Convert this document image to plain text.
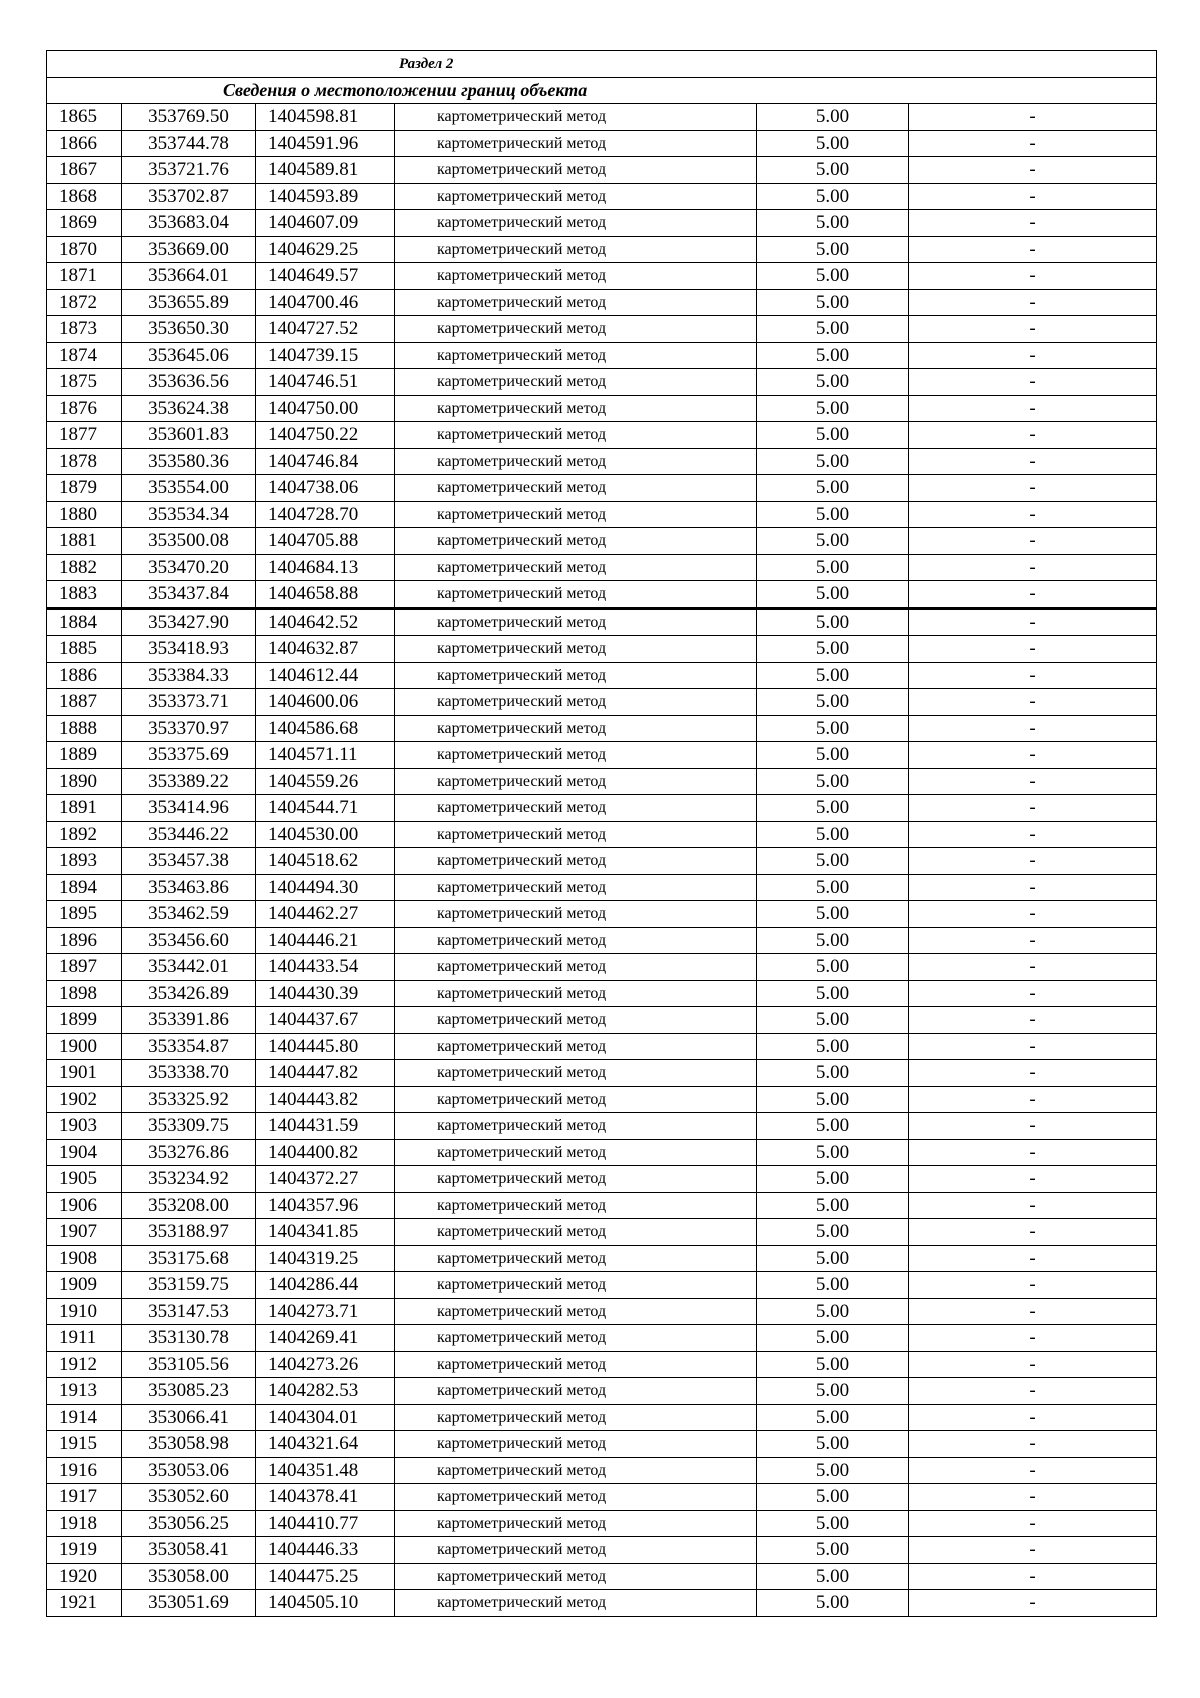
Раздел 2					
Сведения о местоположении границ объекта					
1865	353769.50	1404598.81	картометрический метод	5.00	-
1866	353744.78	1404591.96	картометрический метод	5.00	-
1867	353721.76	1404589.81	картометрический метод	5.00	-
1868	353702.87	1404593.89	картометрический метод	5.00	-
1869	353683.04	1404607.09	картометрический метод	5.00	-
1870	353669.00	1404629.25	картометрический метод	5.00	-
1871	353664.01	1404649.57	картометрический метод	5.00	-
1872	353655.89	1404700.46	картометрический метод	5.00	-
1873	353650.30	1404727.52	картометрический метод	5.00	-
1874	353645.06	1404739.15	картометрический метод	5.00	-
1875	353636.56	1404746.51	картометрический метод	5.00	-
1876	353624.38	1404750.00	картометрический метод	5.00	-
1877	353601.83	1404750.22	картометрический метод	5.00	-
1878	353580.36	1404746.84	картометрический метод	5.00	-
1879	353554.00	1404738.06	картометрический метод	5.00	-
1880	353534.34	1404728.70	картометрический метод	5.00	-
1881	353500.08	1404705.88	картометрический метод	5.00	-
1882	353470.20	1404684.13	картометрический метод	5.00	-
1883	353437.84	1404658.88	картометрический метод	5.00	-
1884	353427.90	1404642.52	картометрический метод	5.00	-
1885	353418.93	1404632.87	картометрический метод	5.00	-
1886	353384.33	1404612.44	картометрический метод	5.00	-
1887	353373.71	1404600.06	картометрический метод	5.00	-
1888	353370.97	1404586.68	картометрический метод	5.00	-
1889	353375.69	1404571.11	картометрический метод	5.00	-
1890	353389.22	1404559.26	картометрический метод	5.00	-
1891	353414.96	1404544.71	картометрический метод	5.00	-
1892	353446.22	1404530.00	картометрический метод	5.00	-
1893	353457.38	1404518.62	картометрический метод	5.00	-
1894	353463.86	1404494.30	картометрический метод	5.00	-
1895	353462.59	1404462.27	картометрический метод	5.00	-
1896	353456.60	1404446.21	картометрический метод	5.00	-
1897	353442.01	1404433.54	картометрический метод	5.00	-
1898	353426.89	1404430.39	картометрический метод	5.00	-
1899	353391.86	1404437.67	картометрический метод	5.00	-
1900	353354.87	1404445.80	картометрический метод	5.00	-
1901	353338.70	1404447.82	картометрический метод	5.00	-
1902	353325.92	1404443.82	картометрический метод	5.00	-
1903	353309.75	1404431.59	картометрический метод	5.00	-
1904	353276.86	1404400.82	картометрический метод	5.00	-
1905	353234.92	1404372.27	картометрический метод	5.00	-
1906	353208.00	1404357.96	картометрический метод	5.00	-
1907	353188.97	1404341.85	картометрический метод	5.00	-
1908	353175.68	1404319.25	картометрический метод	5.00	-
1909	353159.75	1404286.44	картометрический метод	5.00	-
1910	353147.53	1404273.71	картометрический метод	5.00	-
1911	353130.78	1404269.41	картометрический метод	5.00	-
1912	353105.56	1404273.26	картометрический метод	5.00	-
1913	353085.23	1404282.53	картометрический метод	5.00	-
1914	353066.41	1404304.01	картометрический метод	5.00	-
1915	353058.98	1404321.64	картометрический метод	5.00	-
1916	353053.06	1404351.48	картометрический метод	5.00	-
1917	353052.60	1404378.41	картометрический метод	5.00	-
1918	353056.25	1404410.77	картометрический метод	5.00	-
1919	353058.41	1404446.33	картометрический метод	5.00	-
1920	353058.00	1404475.25	картометрический метод	5.00	-
1921	353051.69	1404505.10	картометрический метод	5.00	-
